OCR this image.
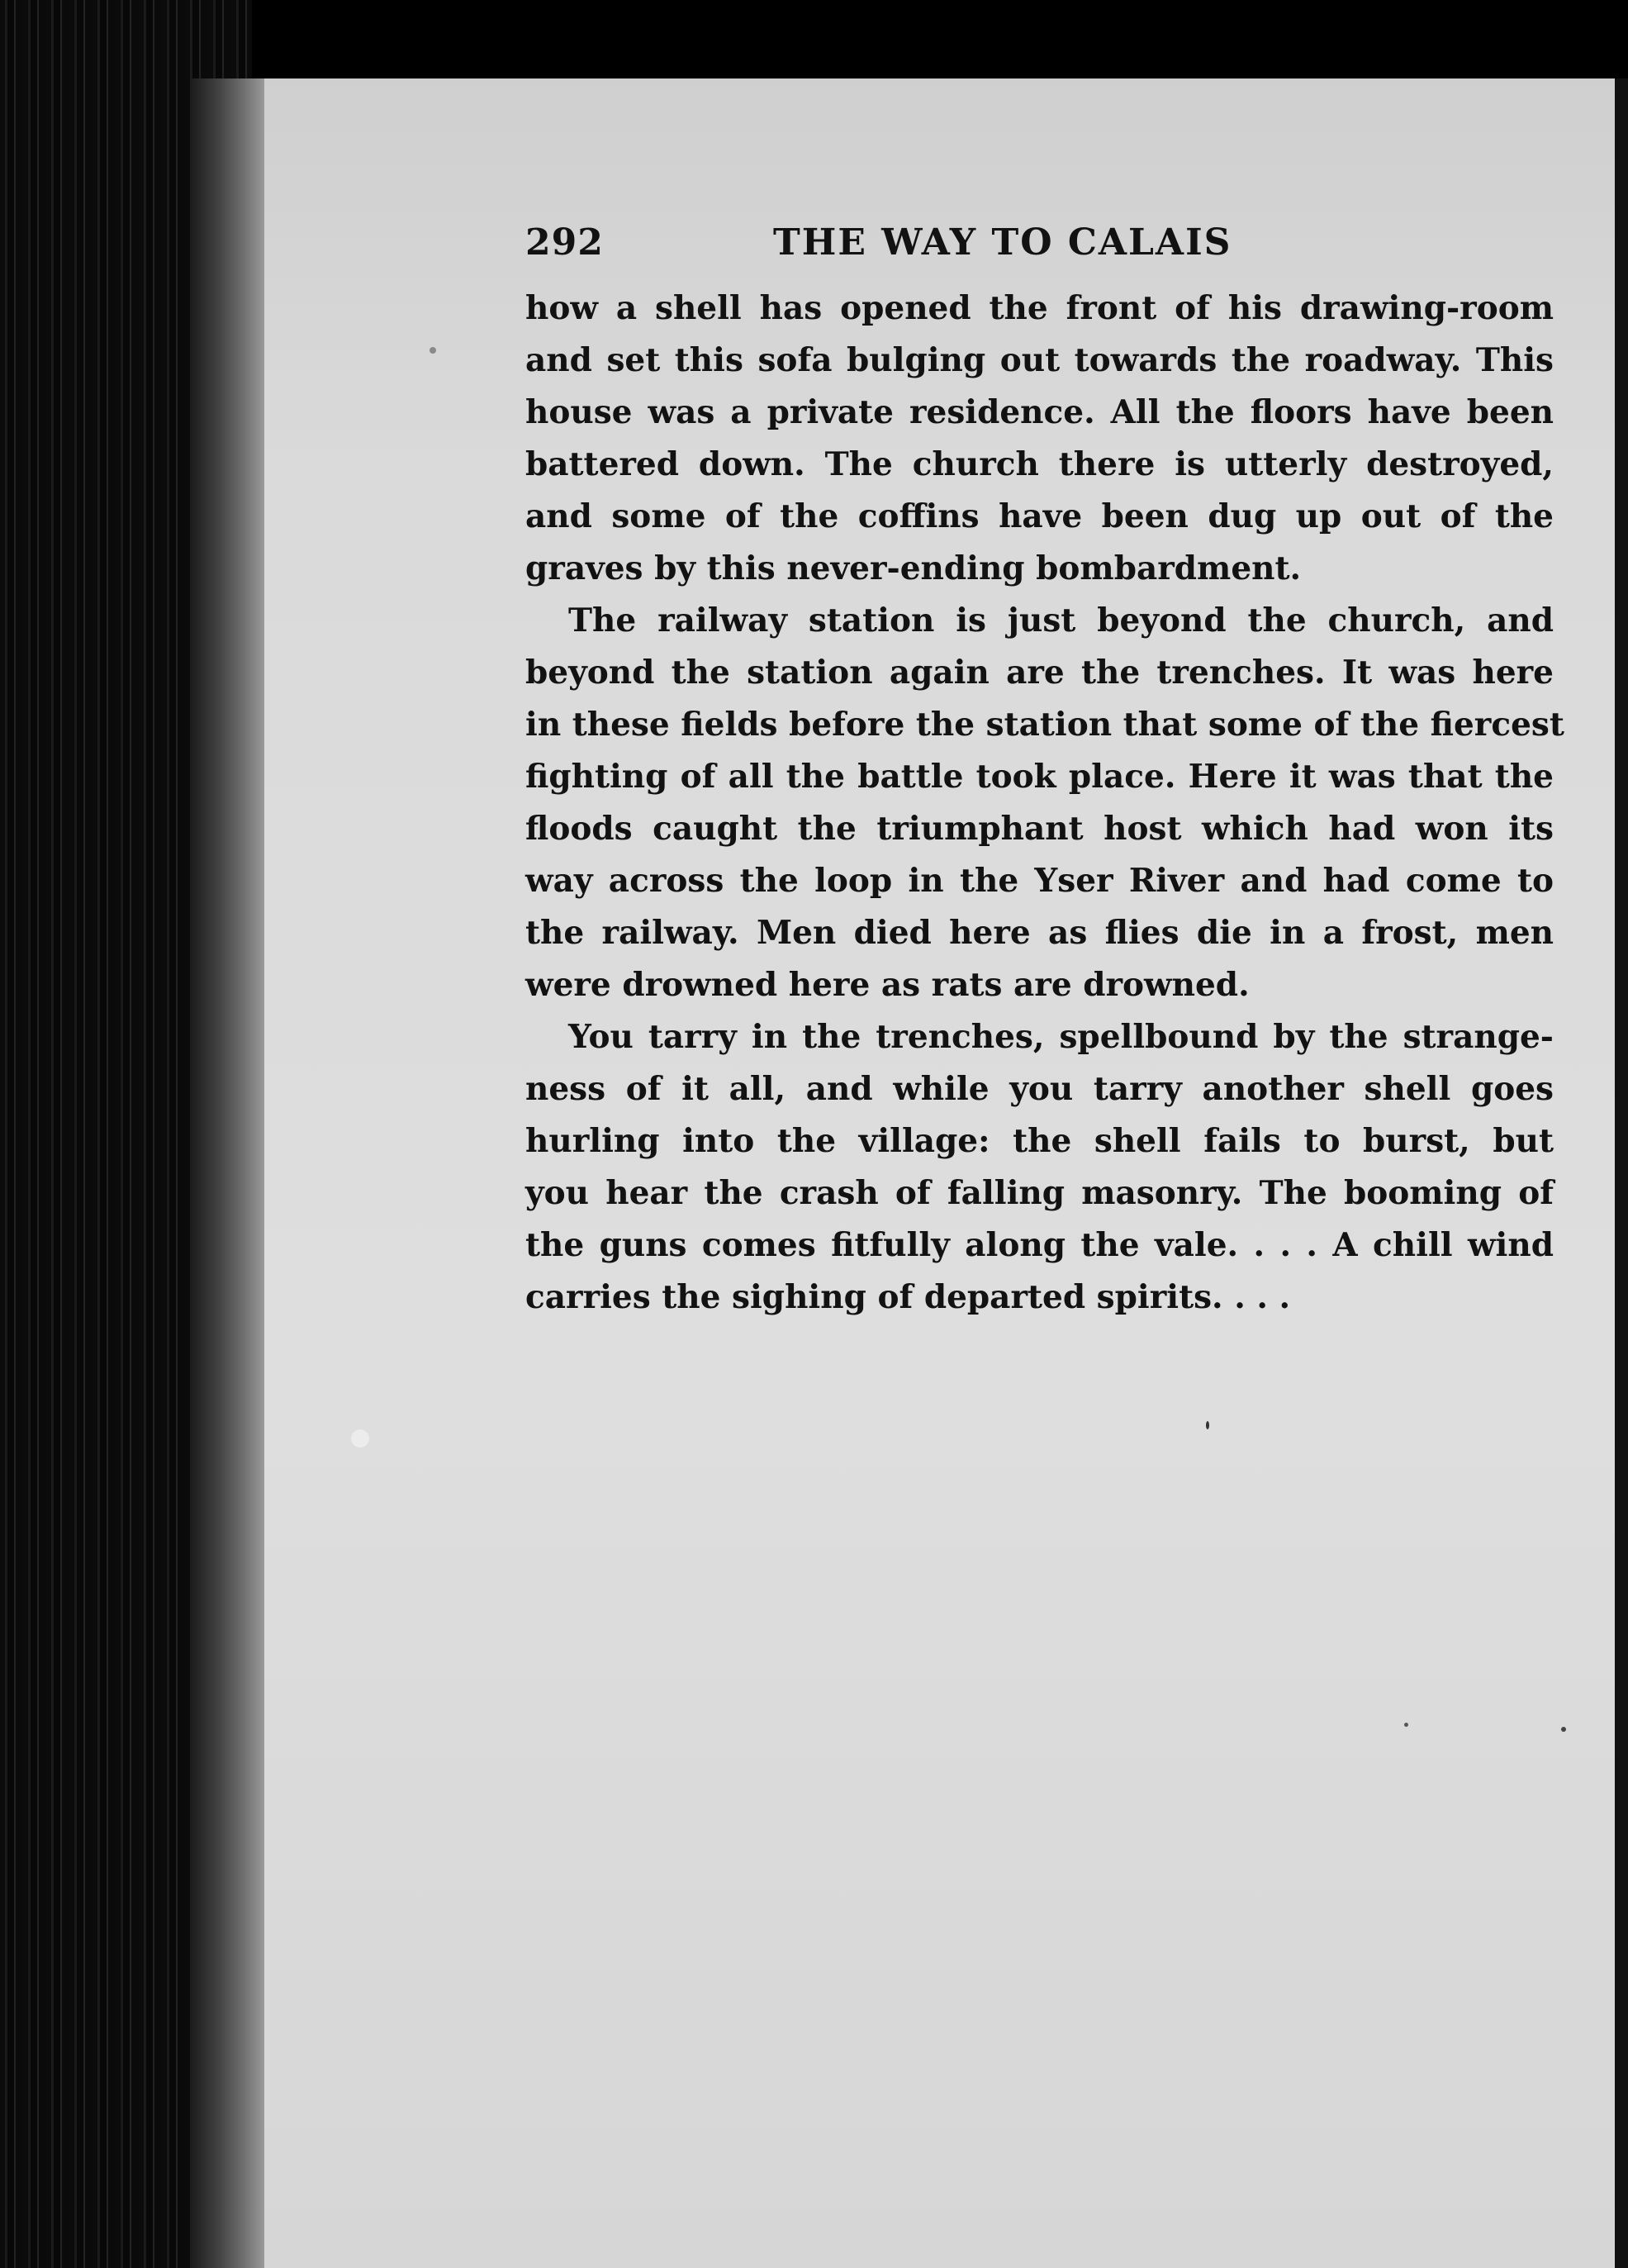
292	THE WAY TO CALAIS
how a shell has opened the front of his drawing-room
and set this sofa bulging out towards the roadway. This
house was a private residence. All the floors have been
battered down. The church there is utterly destroyed,
and some of the coffins have been dug up out of the
graves by this never-ending bombardment.
The railway station is just beyond the church, and
beyond the station again are the trenches. It was here
in these fields before the station that some of the fiercest
fighting of all the battle took place. Here it was that the
floods caught the triumphant host which had won its
way across the loop in the Yser River and had come to
the railway. Men died here as flies die in a frost, men
were drowned here as rats are drowned.
You tarry in the trenches, spellbound by the strange-
ness of it all, and while you tarry another shell goes
hurling into the village: the shell fails to burst, but
you hear the crash of falling masonry. The booming of
the guns comes fitfully along the vale. . . . A chill wind
carries the sighing of departed spirits. . . .
